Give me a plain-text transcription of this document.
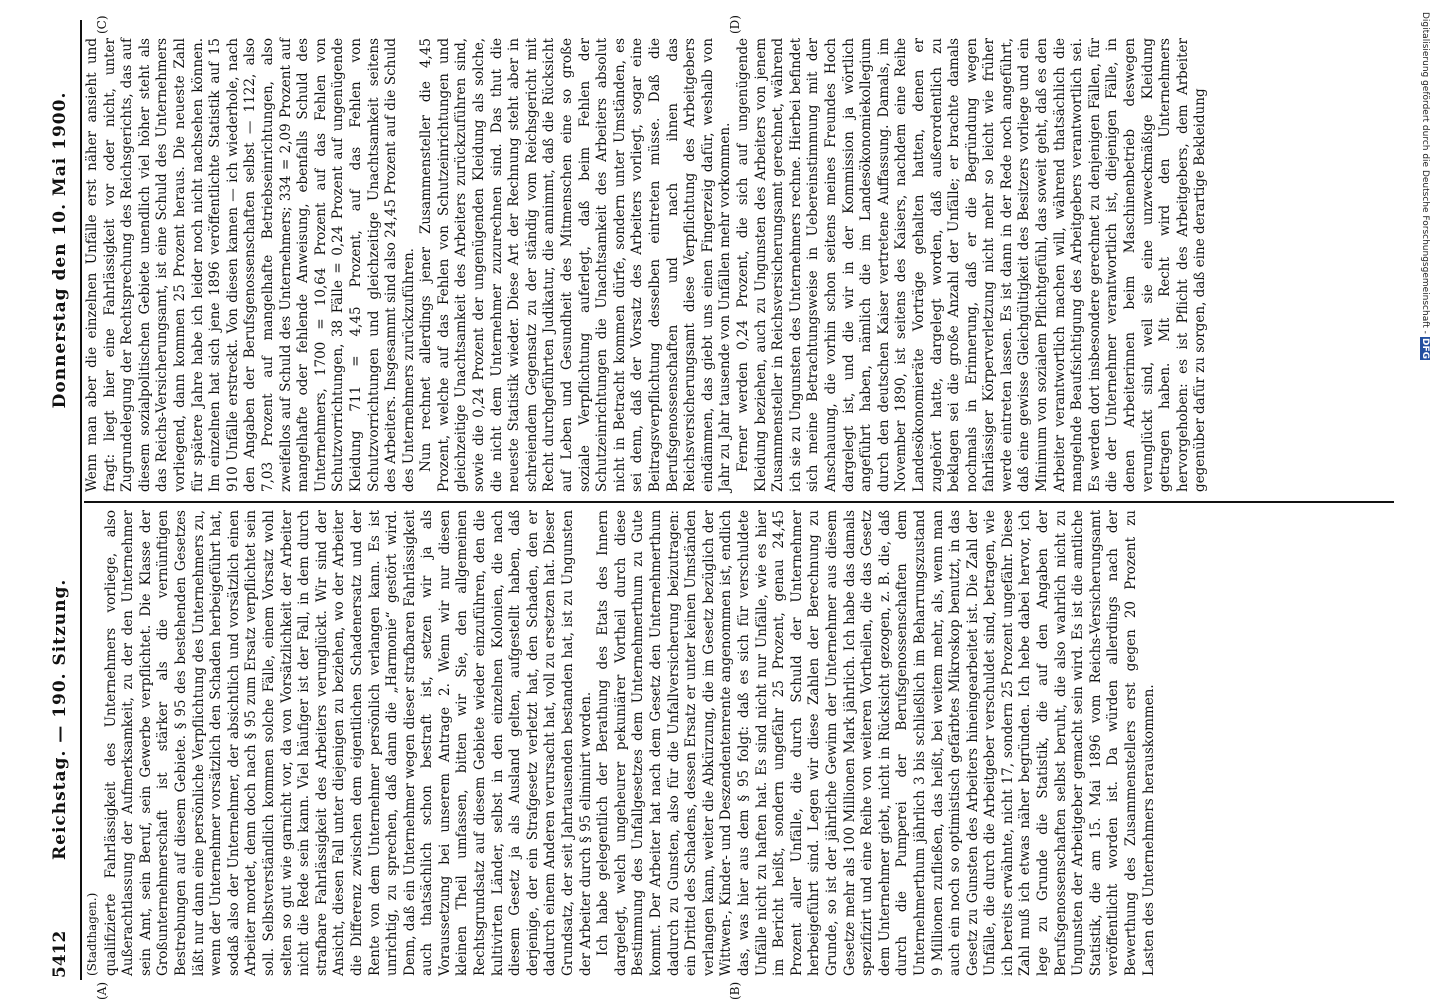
5412
Reichstag. — 190. Sitzung.
Donnerstag den 10. Mai 1900.
(A)	(B)
(C)	(D)
(Stadthagen.) qualifizierte Fahrlässigkeit des Unternehmers vorliege, also Außerachtlassung der Aufmerksamkeit, zu der den Unternehmer sein Amt, sein Beruf, sein Gewerbe verpflichtet. Die Klasse der Großunternehmerschaft ist stärker als die vernünftigen Bestrebungen auf diesem Gebiete. § 95 des bestehenden Gesetzes läßt nur dann eine persönliche Verpflichtung des Unternehmers zu, wenn der Unternehmer vorsätzlich den Schaden herbeigeführt hat, sodaß also der Unternehmer, der absichtlich und vorsätzlich einen Arbeiter mordet, denn doch nach § 95 zum Ersatz verpflichtet sein soll. Selbstverständlich kommen solche Fälle, einem Vorsatz wohl selten so gut wie garnicht vor, da von Vorsätzlichkeit der Arbeiter nicht die Rede sein kann. Viel häufiger ist der Fall, in dem durch strafbare Fahrlässigkeit des Arbeiters verunglückt. Wir sind der Ansicht, diesen Fall unter diejenigen zu beziehen, wo der Arbeiter die Differenz zwischen dem eigentlichen Schadenersatz und der Rente von dem Unternehmer persönlich verlangen kann. Es ist unrichtig, zu sprechen, daß dann die „Harmonie“ gestört wird. Denn, daß ein Unternehmer wegen dieser strafbaren Fahrlässigkeit auch thatsächlich schon bestraft ist, setzen wir ja als Voraussetzung bei unserem Antrage 2. Wenn wir nur diesen kleinen Theil umfassen, bitten wir Sie, den allgemeinen Rechtsgrundsatz auf diesem Gebiete wieder einzuführen, den die kultivirten Länder, selbst in den einzelnen Kolonien, die nach diesem Gesetz ja als Ausland gelten, aufgestellt haben, daß derjenige, der ein Strafgesetz verletzt hat, den Schaden, den er dadurch einem Anderen verursacht hat, voll zu ersetzen hat. Dieser Grundsatz, der seit Jahrtausenden bestanden hat, ist zu Ungunsten der Arbeiter durch § 95 eliminirt worden. Ich habe gelegentlich der Berathung des Etats des Innern dargelegt, welch ungeheurer pekuniärer Vortheil durch diese Bestimmung des Unfallgesetzes dem Unternehmerthum zu Gute kommt. Der Arbeiter hat nach dem Gesetz den Unternehmerthum dadurch zu Gunsten, also für die Unfallversicherung beizutragen: ein Drittel des Schadens, dessen Ersatz er unter keinen Umständen verlangen kann, weiter die Abkürzung, die im Gesetz bezüglich der Wittwen-, Kinder- und Deszendentenrente angenommen ist, endlich das, was hier aus dem § 95 folgt: daß es sich für verschuldete Unfälle nicht zu haften hat. Es sind nicht nur Unfälle, wie es hier im Bericht heißt, sondern ungefähr 25 Prozent, genau 24,45 Prozent aller Unfälle, die durch Schuld der Unternehmer herbeigeführt sind. Legen wir diese Zahlen der Berechnung zu Grunde, so ist der jährliche Gewinn der Unternehmer aus diesem Gesetze mehr als 100 Millionen Mark jährlich. Ich habe das damals spezifizirt und eine Reihe von weiteren Vortheilen, die das Gesetz dem Unternehmer giebt, nicht in Rücksicht gezogen, z. B. die, daß durch die Pumperei der Berufsgenossenschaften dem Unternehmerthum jährlich 3 bis schließlich im Beharrungszustand 9 Millionen zufließen, das heißt, bei weitem mehr, als, wenn man auch ein noch so optimistisch gefärbtes Mikroskop benutzt, in das Gesetz zu Gunsten des Arbeiters hineingearbeitet ist. Die Zahl der Unfälle, die durch die Arbeitgeber verschuldet sind, betragen, wie ich bereits erwähnte, nicht 17, sondern 25 Prozent ungefähr. Diese Zahl muß ich etwas näher begründen. Ich hebe dabei hervor, ich lege zu Grunde die Statistik, die auf den Angaben der Berufsgenossenschaften selbst beruht, die also wahrlich nicht zu Ungunsten der Arbeitgeber gemacht sein wird. Es ist die amtliche Statistik, die am 15. Mai 1896 vom Reichs-Versicherungsamt veröffentlicht worden ist. Da würden allerdings nach der Bewerthung des Zusammenstellers erst gegen 20 Prozent zu Lasten des Unternehmers herauskommen.

Wenn man aber die einzelnen Unfälle erst näher ansieht und fragt: liegt hier eine Fahrlässigkeit vor oder nicht, unter Zugrundelegung der Rechtsprechung des Reichsgerichts, das auf diesem sozialpolitischen Gebiete unendlich viel höher steht als das Reichs-Versicherungsamt, ist eine Schuld des Unternehmers vorliegend, dann kommen 25 Prozent heraus. Die neueste Zahl für spätere Jahre habe ich leider noch nicht nachsehen können. Im einzelnen hat sich jene 1896 veröffentlichte Statistik auf 15 910 Unfälle erstreckt. Von diesen kamen — ich wiederhole, nach den Angaben der Berufsgenossenschaften selbst — 1122, also 7,03 Prozent auf mangelhafte Betriebseinrichtungen, also zweifellos auf Schuld des Unternehmers; 334 = 2,09 Prozent auf mangelhafte oder fehlende Anweisung, ebenfalls Schuld des Unternehmers, 1700 = 10,64 Prozent auf das Fehlen von Schutzvorrichtungen, 38 Fälle = 0,24 Prozent auf ungenügende Kleidung 711 = 4,45 Prozent, auf das Fehlen von Schutzvorrichtungen und gleichzeitige Unachtsamkeit seitens des Arbeiters. Insgesammt sind also 24,45 Prozent auf die Schuld des Unternehmers zurückzuführen. Nun rechnet allerdings jener Zusammensteller die 4,45 Prozent, welche auf das Fehlen von Schutzeinrichtungen und gleichzeitige Unachtsamkeit des Arbeiters zurückzuführen sind, sowie die 0,24 Prozent der ungenügenden Kleidung als solche, die nicht dem Unternehmer zuzurechnen sind. Das thut die neueste Statistik wieder. Diese Art der Rechnung steht aber in schreiendem Gegensatz zu der ständig vom Reichsgericht mit Recht durchgeführten Judikatur, die annimmt, daß die Rücksicht auf Leben und Gesundheit des Mitmenschen eine so große soziale Verpflichtung auferlegt, daß beim Fehlen der Schutzeinrichtungen die Unachtsamkeit des Arbeiters absolut nicht in Betracht kommen dürfe, sondern unter Umständen, es sei denn, daß der Vorsatz des Arbeiters vorliegt, sogar eine Beitragsverpflichtung desselben eintreten müsse. Daß die Berufsgenossenschaften und nach ihnen das Reichsversicherungsamt diese Verpflichtung des Arbeitgebers eindämmen, das giebt uns einen Fingerzeig dafür, weshalb von Jahr zu Jahr tausende von Unfällen mehr vorkommen. Ferner werden 0,24 Prozent, die sich auf ungenügende Kleidung beziehen, auch zu Ungunsten des Arbeiters von jenem Zusammensteller in Reichsversicherungsamt gerechnet, während ich sie zu Ungunsten des Unternehmers rechne. Hierbei befindet sich meine Betrachtungsweise in Uebereinstimmung mit der Anschauung, die vorhin schon seitens meines Freundes Hoch dargelegt ist, und die wir in der Kommission ja wörtlich angeführt haben, nämlich die im Landesökonomiekollegium durch den deutschen Kaiser vertretene Auffassung. Damals, im November 1890, ist seitens des Kaisers, nachdem eine Reihe Landesökonomieräte Vorträge gehalten hatten, denen er zugehört hatte, dargelegt worden, daß außerordentlich zu beklagen sei die große Anzahl der Unfälle; er brachte damals nochmals in Erinnerung, daß er die Begründung wegen fahrlässiger Körperverletzung nicht mehr so leicht wie früher werde eintreten lassen. Es ist dann in der Rede noch angeführt, daß eine gewisse Gleichgültigkeit des Besitzers vorliege und ein Minimum von sozialem Pflichtgefühl, das soweit geht, daß es den Arbeiter verantwortlich machen will, während thatsächlich die mangelnde Beaufsichtigung des Arbeitgebers verantwortlich sei. Es werden dort insbesondere gerechnet zu denjenigen Fällen, für die der Unternehmer verantwortlich ist, diejenigen Fälle, in denen Arbeiterinnen beim Maschinenbetrieb deswegen verunglückt sind, weil sie eine unzweckmäßige Kleidung getragen haben. Mit Recht wird den Unternehmers hervorgehoben: es ist Pflicht des Arbeitgebers, dem Arbeiter gegenüber dafür zu sorgen, daß eine derartige Bekleidung	Digitalisierung gefördert durch die Deutsche Forschungsgemeinschaft - DFG
